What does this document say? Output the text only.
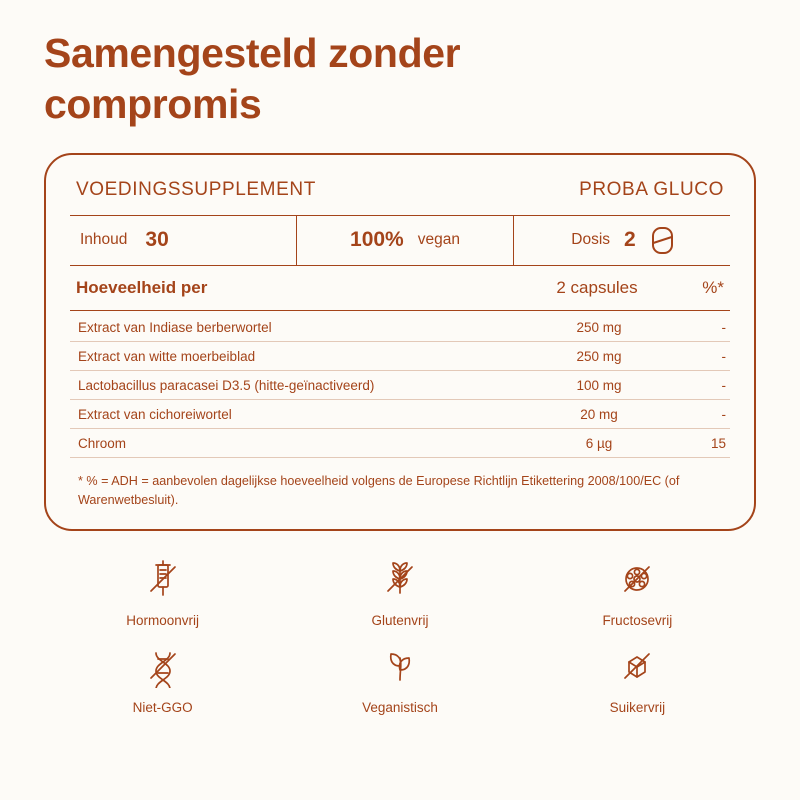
Samengesteld zonder
compromis
VOEDINGSSUPPLEMENT	PROBA GLUCO
Inhoud 30	100% vegan	Dosis 2
Hoeveelheid per	2 capsules	%*
Extract van Indiase berberwortel	250 mg	-
Extract van witte moerbeiblad	250 mg	-
Lactobacillus paracasei D3.5 (hitte-geïnactiveerd)	100 mg	-
Extract van cichoreiwortel	20 mg	-
Chroom	6 µg	15
* % = ADH = aanbevolen dagelijkse hoeveelheid volgens de Europese Richtlijn Etikettering 2008/100/EC (of Warenwetbesluit).
Hormoonvrij	Glutenvrij	Fructosevrij
Niet-GGO	Veganistisch	Suikervrij
